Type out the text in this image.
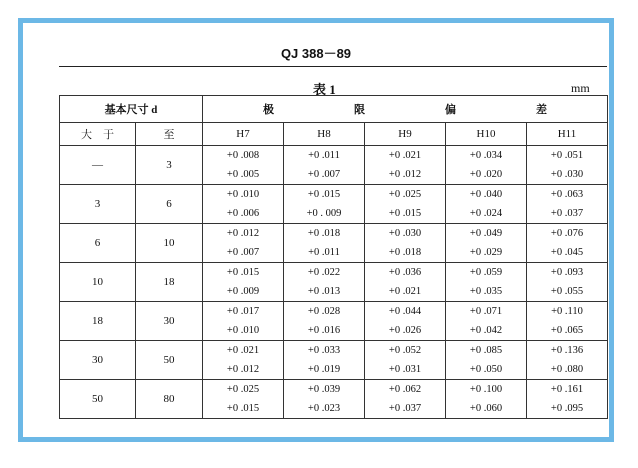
QJ 388－89
表 1	mm
基本尺寸 d		极 限 偏 差				

大　于	至	H7	H8	H9	H10	H11
—	3	+0 .008	+0 .011	+0 .021	+0 .034	+0 .051
		+0 .005	+0 .007	+0 .012	+0 .020	+0 .030
3	6	+0 .010	+0 .015	+0 .025	+0 .040	+0 .063
		+0 .006	+0 . 009	+0 .015	+0 .024	+0 .037
6	10	+0 .012	+0 .018	+0 .030	+0 .049	+0 .076
		+0 .007	+0 .011	+0 .018	+0 .029	+0 .045
10	18	+0 .015	+0 .022	+0 .036	+0 .059	+0 .093
		+0 .009	+0 .013	+0 .021	+0 .035	+0 .055
18	30	+0 .017	+0 .028	+0 .044	+0 .071	+0 .110
		+0 .010	+0 .016	+0 .026	+0 .042	+0 .065
30	50	+0 .021	+0 .033	+0 .052	+0 .085	+0 .136
		+0 .012	+0 .019	+0 .031	+0 .050	+0 .080
50	80	+0 .025	+0 .039	+0 .062	+0 .100	+0 .161
		+0 .015	+0 .023	+0 .037	+0 .060	+0 .095
